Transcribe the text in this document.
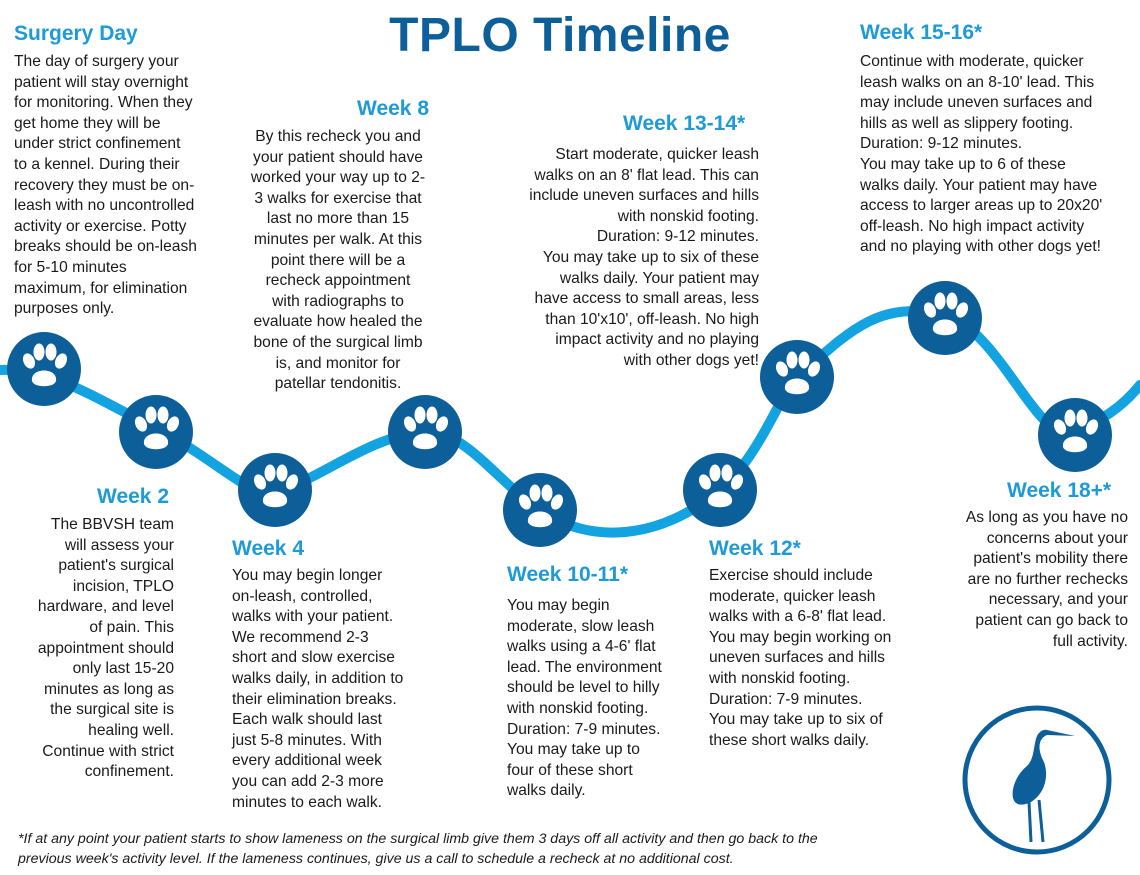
TPLO Timeline
Surgery Day
The day of surgery your
patient will stay overnight
for monitoring. When they
get home they will be
under strict confinement
to a kennel. During their
recovery they must be on-
leash with no uncontrolled
activity or exercise. Potty
breaks should be on-leash
for 5-10 minutes
maximum, for elimination
purposes only.
Week 8
By this recheck you and
your patient should have
worked your way up to 2-
3 walks for exercise that
last no more than 15
minutes per walk. At this
point there will be a
recheck appointment
with radiographs to
evaluate how healed the
bone of the surgical limb
is, and monitor for
patellar tendonitis.
Week 13-14*
Start moderate, quicker leash
walks on an 8' flat lead. This can
include uneven surfaces and hills
with nonskid footing.
Duration: 9-12 minutes.
You may take up to six of these
walks daily. Your patient may
have access to small areas, less
than 10'x10', off-leash. No high
impact activity and no playing
with other dogs yet!
Week 15-16*
Continue with moderate, quicker
leash walks on an 8-10' lead. This
may include uneven surfaces and
hills as well as slippery footing.
Duration: 9-12 minutes.
You may take up to 6 of these
walks daily. Your patient may have
access to larger areas up to 20x20'
off-leash. No high impact activity
and no playing with other dogs yet!
Week 2
The BBVSH team
will assess your
patient's surgical
incision, TPLO
hardware, and level
of pain. This
appointment should
only last 15-20
minutes as long as
the surgical site is
healing well.
Continue with strict
confinement.
Week 4
You may begin longer
on-leash, controlled,
walks with your patient.
We recommend 2-3
short and slow exercise
walks daily, in addition to
their elimination breaks.
Each walk should last
just 5-8 minutes. With
every additional week
you can add 2-3 more
minutes to each walk.
Week 10-11*
You may begin
moderate, slow leash
walks using a 4-6' flat
lead. The environment
should be level to hilly
with nonskid footing.
Duration: 7-9 minutes.
You may take up to
four of these short
walks daily.
Week 12*
Exercise should include
moderate, quicker leash
walks with a 6-8' flat lead.
You may begin working on
uneven surfaces and hills
with nonskid footing.
Duration: 7-9 minutes.
You may take up to six of
these short walks daily.
Week 18+*
As long as you have no
concerns about your
patient's mobility there
are no further rechecks
necessary, and your
patient can go back to
full activity.
*If at any point your patient starts to show lameness on the surgical limb give them 3 days off all activity and then go back to the
previous week's activity level. If the lameness continues, give us a call to schedule a recheck at no additional cost.
